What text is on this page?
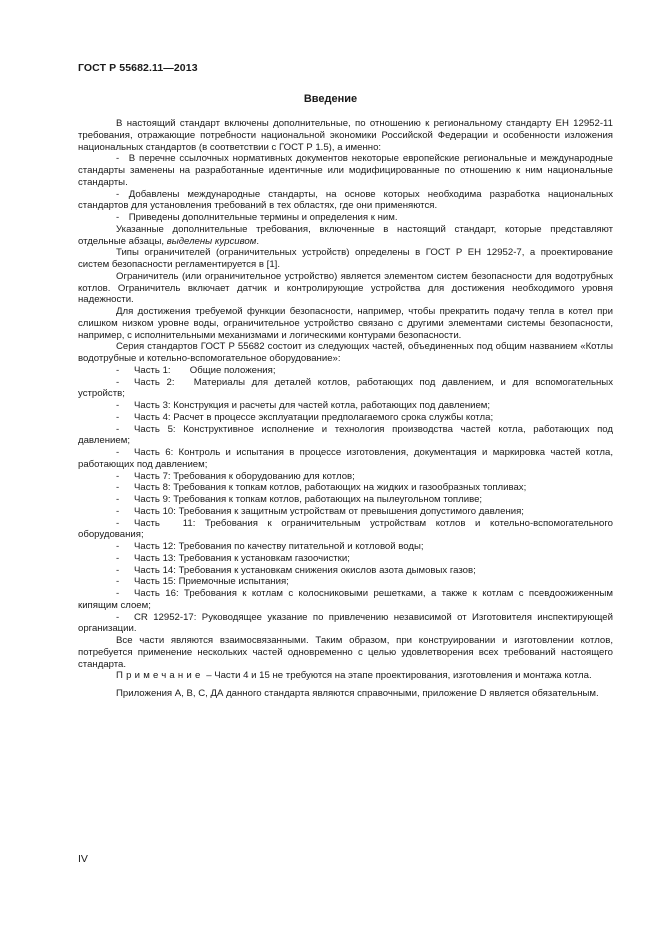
ГОСТ Р 55682.11—2013
Введение

В настоящий стандарт включены дополнительные, по отношению к региональному стандарту ЕН 12952-11 требования, отражающие потребности национальной экономики Российской Федерации и особенности изложения национальных стандартов (в соответствии с ГОСТ Р 1.5), а именно:

- В перечне ссылочных нормативных документов некоторые европейские региональные и международные стандарты заменены на разработанные идентичные или модифицированные по отношению к ним национальные стандарты.

- Добавлены международные стандарты, на основе которых необходима разработка национальных стандартов для установления требований в тех областях, где они применяются.

- Приведены дополнительные термины и определения к ним.

Указанные дополнительные требования, включенные в настоящий стандарт, которые представляют отдельные абзацы, выделены курсивом.

Типы ограничителей (ограничительных устройств) определены в ГОСТ Р ЕН 12952-7, а проектирование систем безопасности регламентируется в [1].

Ограничитель (или ограничительное устройство) является элементом систем безопасности для водотрубных котлов. Ограничитель включает датчик и контролирующие устройства для достижения необходимого уровня надежности.

Для достижения требуемой функции безопасности, например, чтобы прекратить подачу тепла в котел при слишком низком уровне воды, ограничительное устройство связано с другими элементами системы безопасности, например, с исполнительными механизмами и логическими контурами безопасности.

Серия стандартов ГОСТ Р 55682 состоит из следующих частей, объединенных под общим названием «Котлы водотрубные и котельно-вспомогательное оборудование»:

- Часть 1:  Общие положения;

- Часть 2:  Материалы для деталей котлов, работающих под давлением, и для вспомогательных устройств;

- Часть 3: Конструкция и расчеты для частей котла, работающих под давлением;

- Часть 4: Расчет в процессе эксплуатации предполагаемого срока службы котла;

- Часть 5: Конструктивное исполнение и технология производства частей котла, работающих под давлением;

- Часть 6: Контроль и испытания в процессе изготовления, документация и маркировка частей котла, работающих под давлением;

- Часть 7: Требования к оборудованию для котлов;

- Часть 8: Требования к топкам котлов, работающих на жидких и газообразных топливах;

- Часть 9: Требования к топкам котлов, работающих на пылеугольном топливе;

- Часть 10: Требования к защитным устройствам от превышения допустимого давления;

- Часть 11: Требования к ограничительным устройствам котлов и котельно-вспомогательного оборудования;

- Часть 12: Требования по качеству питательной и котловой воды;

- Часть 13: Требования к установкам газоочистки;

- Часть 14: Требования к установкам снижения окислов азота дымовых газов;

- Часть 15: Приемочные испытания;

- Часть 16: Требования к котлам с колосниковыми решетками, а также к котлам с псевдоожиженным кипящим слоем;

- CR 12952-17: Руководящее указание по привлечению независимой от Изготовителя инспектирующей организации.

Все части являются взаимосвязанными. Таким образом, при конструировании и изготовлении котлов, потребуется применение нескольких частей одновременно с целью удовлетворения всех требований настоящего стандарта.

Примечание – Части 4 и 15 не требуются на этапе проектирования, изготовления и монтажа котла.

Приложения А, В, С, ДА данного стандарта являются справочными, приложение D является обязательным.

IV
